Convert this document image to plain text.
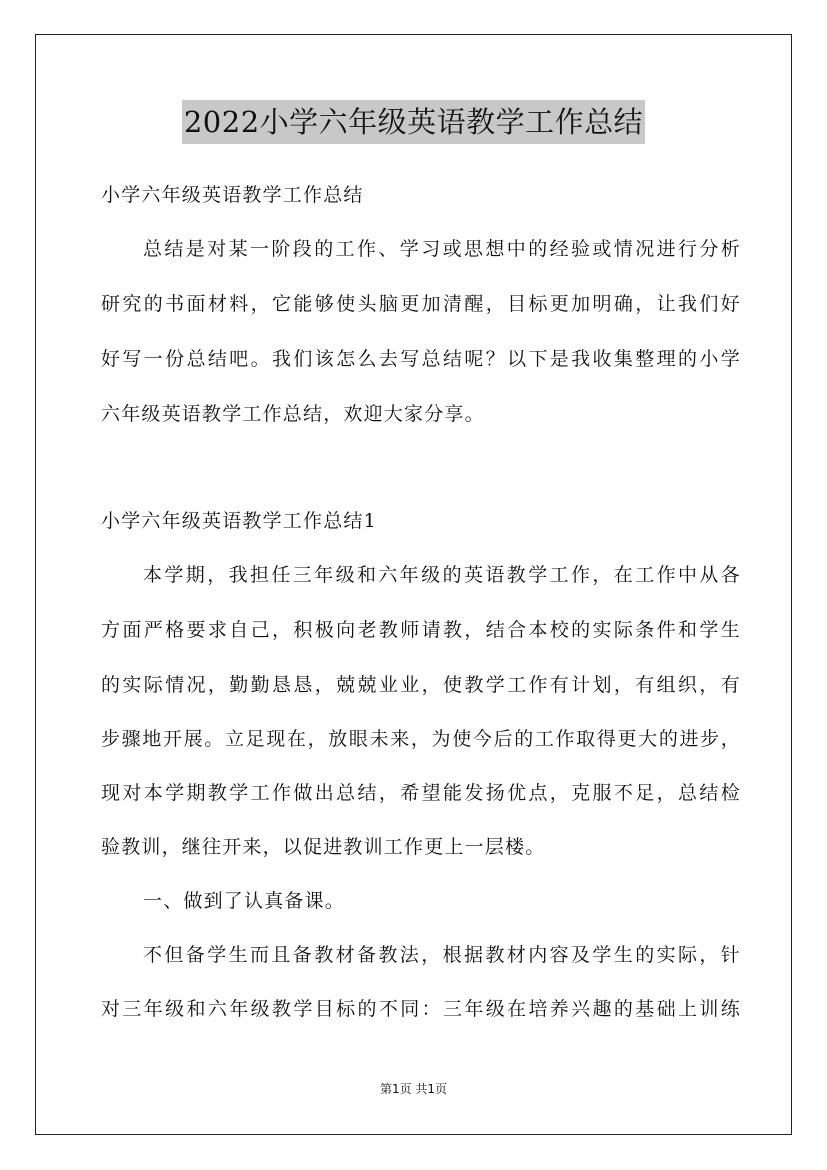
2022小学六年级英语教学工作总结
小学六年级英语教学工作总结
总结是对某一阶段的工作、学习或思想中的经验或情况进行分析
研究的书面材料，它能够使头脑更加清醒，目标更加明确，让我们好
好写一份总结吧。我们该怎么去写总结呢？以下是我收集整理的小学
六年级英语教学工作总结，欢迎大家分享。
小学六年级英语教学工作总结1
本学期，我担任三年级和六年级的英语教学工作，在工作中从各
方面严格要求自己，积极向老教师请教，结合本校的实际条件和学生
的实际情况，勤勤恳恳，兢兢业业，使教学工作有计划，有组织，有
步骤地开展。立足现在，放眼未来，为使今后的工作取得更大的进步，
现对本学期教学工作做出总结，希望能发扬优点，克服不足，总结检
验教训，继往开来，以促进教训工作更上一层楼。
一、做到了认真备课。
不但备学生而且备教材备教法，根据教材内容及学生的实际，针
对三年级和六年级教学目标的不同：三年级在培养兴趣的基础上训练
第1页 共1页
